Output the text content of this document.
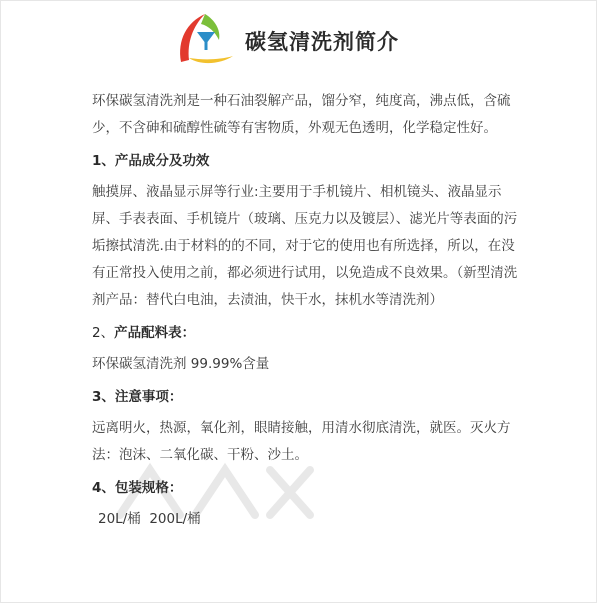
碳氢清洗剂简介

环保碳氢清洗剂是一种石油裂解产品，馏分窄，纯度高，沸点低，含硫少，不含砷和硫醇性硫等有害物质，外观无色透明，化学稳定性好。

1、产品成分及功效

触摸屏、液晶显示屏等行业:主要用于手机镜片、相机镜头、液晶显示屏、手表表面、手机镜片（玻璃、压克力以及镀层）、滤光片等表面的污垢擦拭清洗.由于材料的的不同，对于它的使用也有所选择，所以，在没有正常投入使用之前，都必须进行试用，以免造成不良效果。（新型清洗剂产品：替代白电油，去渍油，快干水，抹机水等清洗剂）

2、产品配料表：

环保碳氢清洗剂 99.99%含量

3、注意事项：

远离明火，热源，氧化剂，眼睛接触，用清水彻底清洗，就医。灭火方法：泡沫、二氧化碳、干粉、沙土。

4、包装规格：

20L/桶  200L/桶
